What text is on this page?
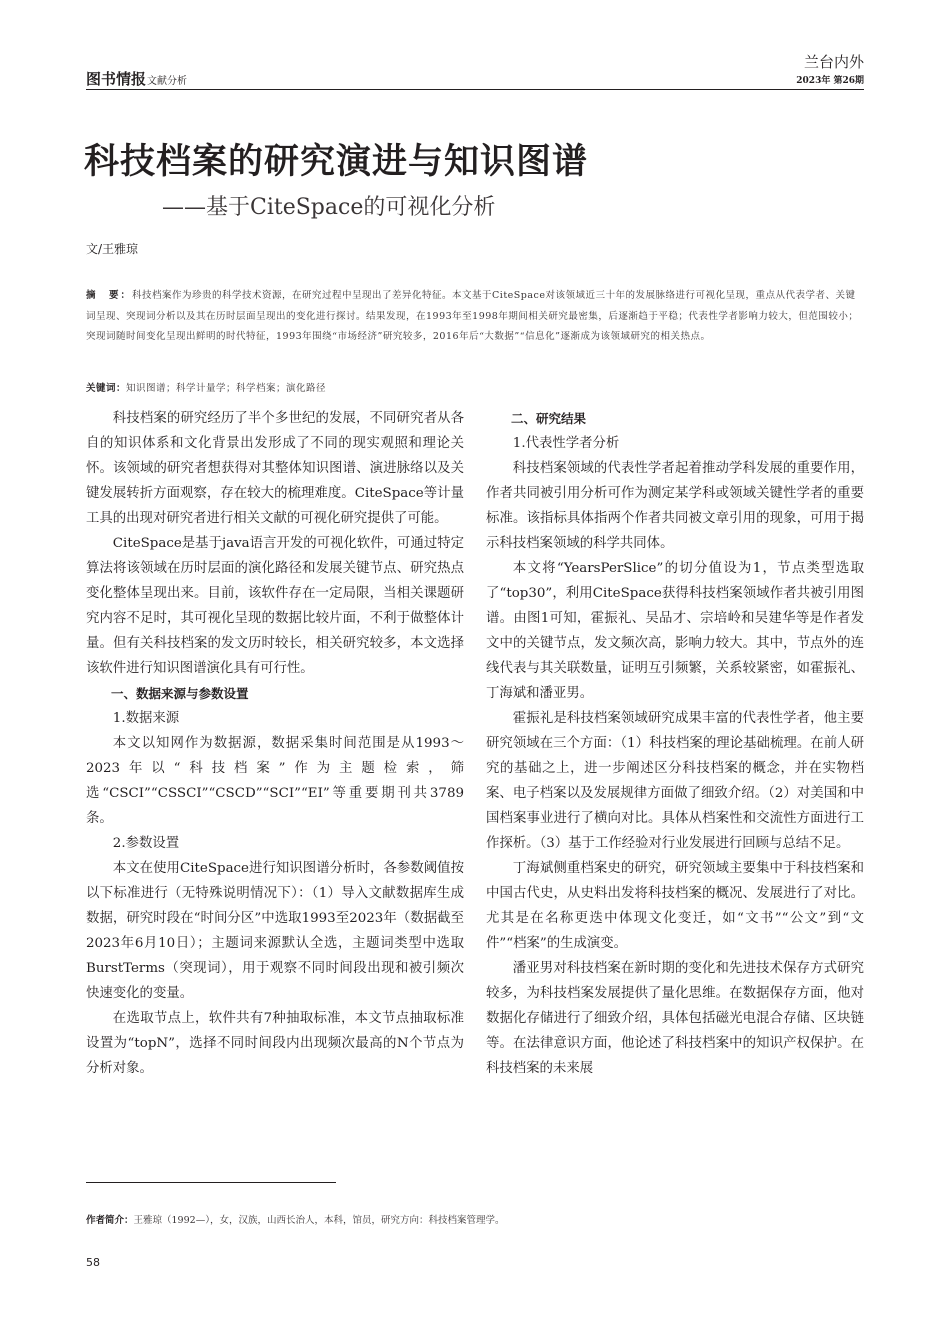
图书情报文献分析
兰台内外
2023年 第26期
科技档案的研究演进与知识图谱
——基于CiteSpace的可视化分析
文/王雅琼
摘　要：科技档案作为珍贵的科学技术资源，在研究过程中呈现出了差异化特征。本文基于CiteSpace对该领域近三十年的发展脉络进行可视化呈现，重点从代表学者、关键词呈现、突现词分析以及其在历时层面呈现出的变化进行探讨。结果发现，在1993年至1998年期间相关研究最密集，后逐渐趋于平稳；代表性学者影响力较大，但范围较小；突现词随时间变化呈现出鲜明的时代特征，1993年围绕“市场经济”研究较多，2016年后“大数据”“信息化”逐渐成为该领域研究的相关热点。
关键词：知识图谱；科学计量学；科学档案；演化路径

科技档案的研究经历了半个多世纪的发展，不同研究者从各自的知识体系和文化背景出发形成了不同的现实观照和理论关怀。该领域的研究者想获得对其整体知识图谱、演进脉络以及关键发展转折方面观察，存在较大的梳理难度。CiteSpace等计量工具的出现对研究者进行相关文献的可视化研究提供了可能。

CiteSpace是基于java语言开发的可视化软件，可通过特定算法将该领域在历时层面的演化路径和发展关键节点、研究热点变化整体呈现出来。目前，该软件存在一定局限，当相关课题研究内容不足时，其可视化呈现的数据比较片面，不利于做整体计量。但有关科技档案的发文历时较长，相关研究较多，本文选择该软件进行知识图谱演化具有可行性。

一、数据来源与参数设置

1.数据来源

本文以知网作为数据源，数据采集时间范围是从1993～2023年以“科技档案”作为主题检索，筛选“CSCI”“CSSCI”“CSCD”“SCI”“EI”等重要期刊共3789条。

2.参数设置

本文在使用CiteSpace进行知识图谱分析时，各参数阈值按以下标准进行（无特殊说明情况下）：（1）导入文献数据库生成数据，研究时段在“时间分区”中选取1993至2023年（数据截至2023年6月10日）；主题词来源默认全选，主题词类型中选取BurstTerms（突现词），用于观察不同时间段出现和被引频次快速变化的变量。

在选取节点上，软件共有7种抽取标准，本文节点抽取标准设置为“topN”，选择不同时间段内出现频次最高的N个节点为分析对象。

二、研究结果

1.代表性学者分析

科技档案领域的代表性学者起着推动学科发展的重要作用，作者共同被引用分析可作为测定某学科或领域关键性学者的重要标准。该指标具体指两个作者共同被文章引用的现象，可用于揭示科技档案领域的科学共同体。

本文将“YearsPerSlice”的切分值设为1，节点类型选取了“top30”，利用CiteSpace获得科技档案领域作者共被引用图谱。由图1可知，霍振礼、吴品才、宗培岭和吴建华等是作者发文中的关键节点，发文频次高，影响力较大。其中，节点外的连线代表与其关联数量，证明互引频繁，关系较紧密，如霍振礼、丁海斌和潘亚男。

霍振礼是科技档案领域研究成果丰富的代表性学者，他主要研究领域在三个方面：（1）科技档案的理论基础梳理。在前人研究的基础之上，进一步阐述区分科技档案的概念，并在实物档案、电子档案以及发展规律方面做了细致介绍。（2）对美国和中国档案事业进行了横向对比。具体从档案性和交流性方面进行工作探析。（3）基于工作经验对行业发展进行回顾与总结不足。

丁海斌侧重档案史的研究，研究领域主要集中于科技档案和中国古代史，从史料出发将科技档案的概况、发展进行了对比。尤其是在名称更迭中体现文化变迁，如“文书”“公文”到“文件”“档案”的生成演变。

潘亚男对科技档案在新时期的变化和先进技术保存方式研究较多，为科技档案发展提供了量化思维。在数据保存方面，他对数据化存储进行了细致介绍，具体包括磁光电混合存储、区块链等。在法律意识方面，他论述了科技档案中的知识产权保护。在科技档案的未来展

作者简介：王雅琼（1992—），女，汉族，山西长治人，本科，馆员，研究方向：科技档案管理学。
58
